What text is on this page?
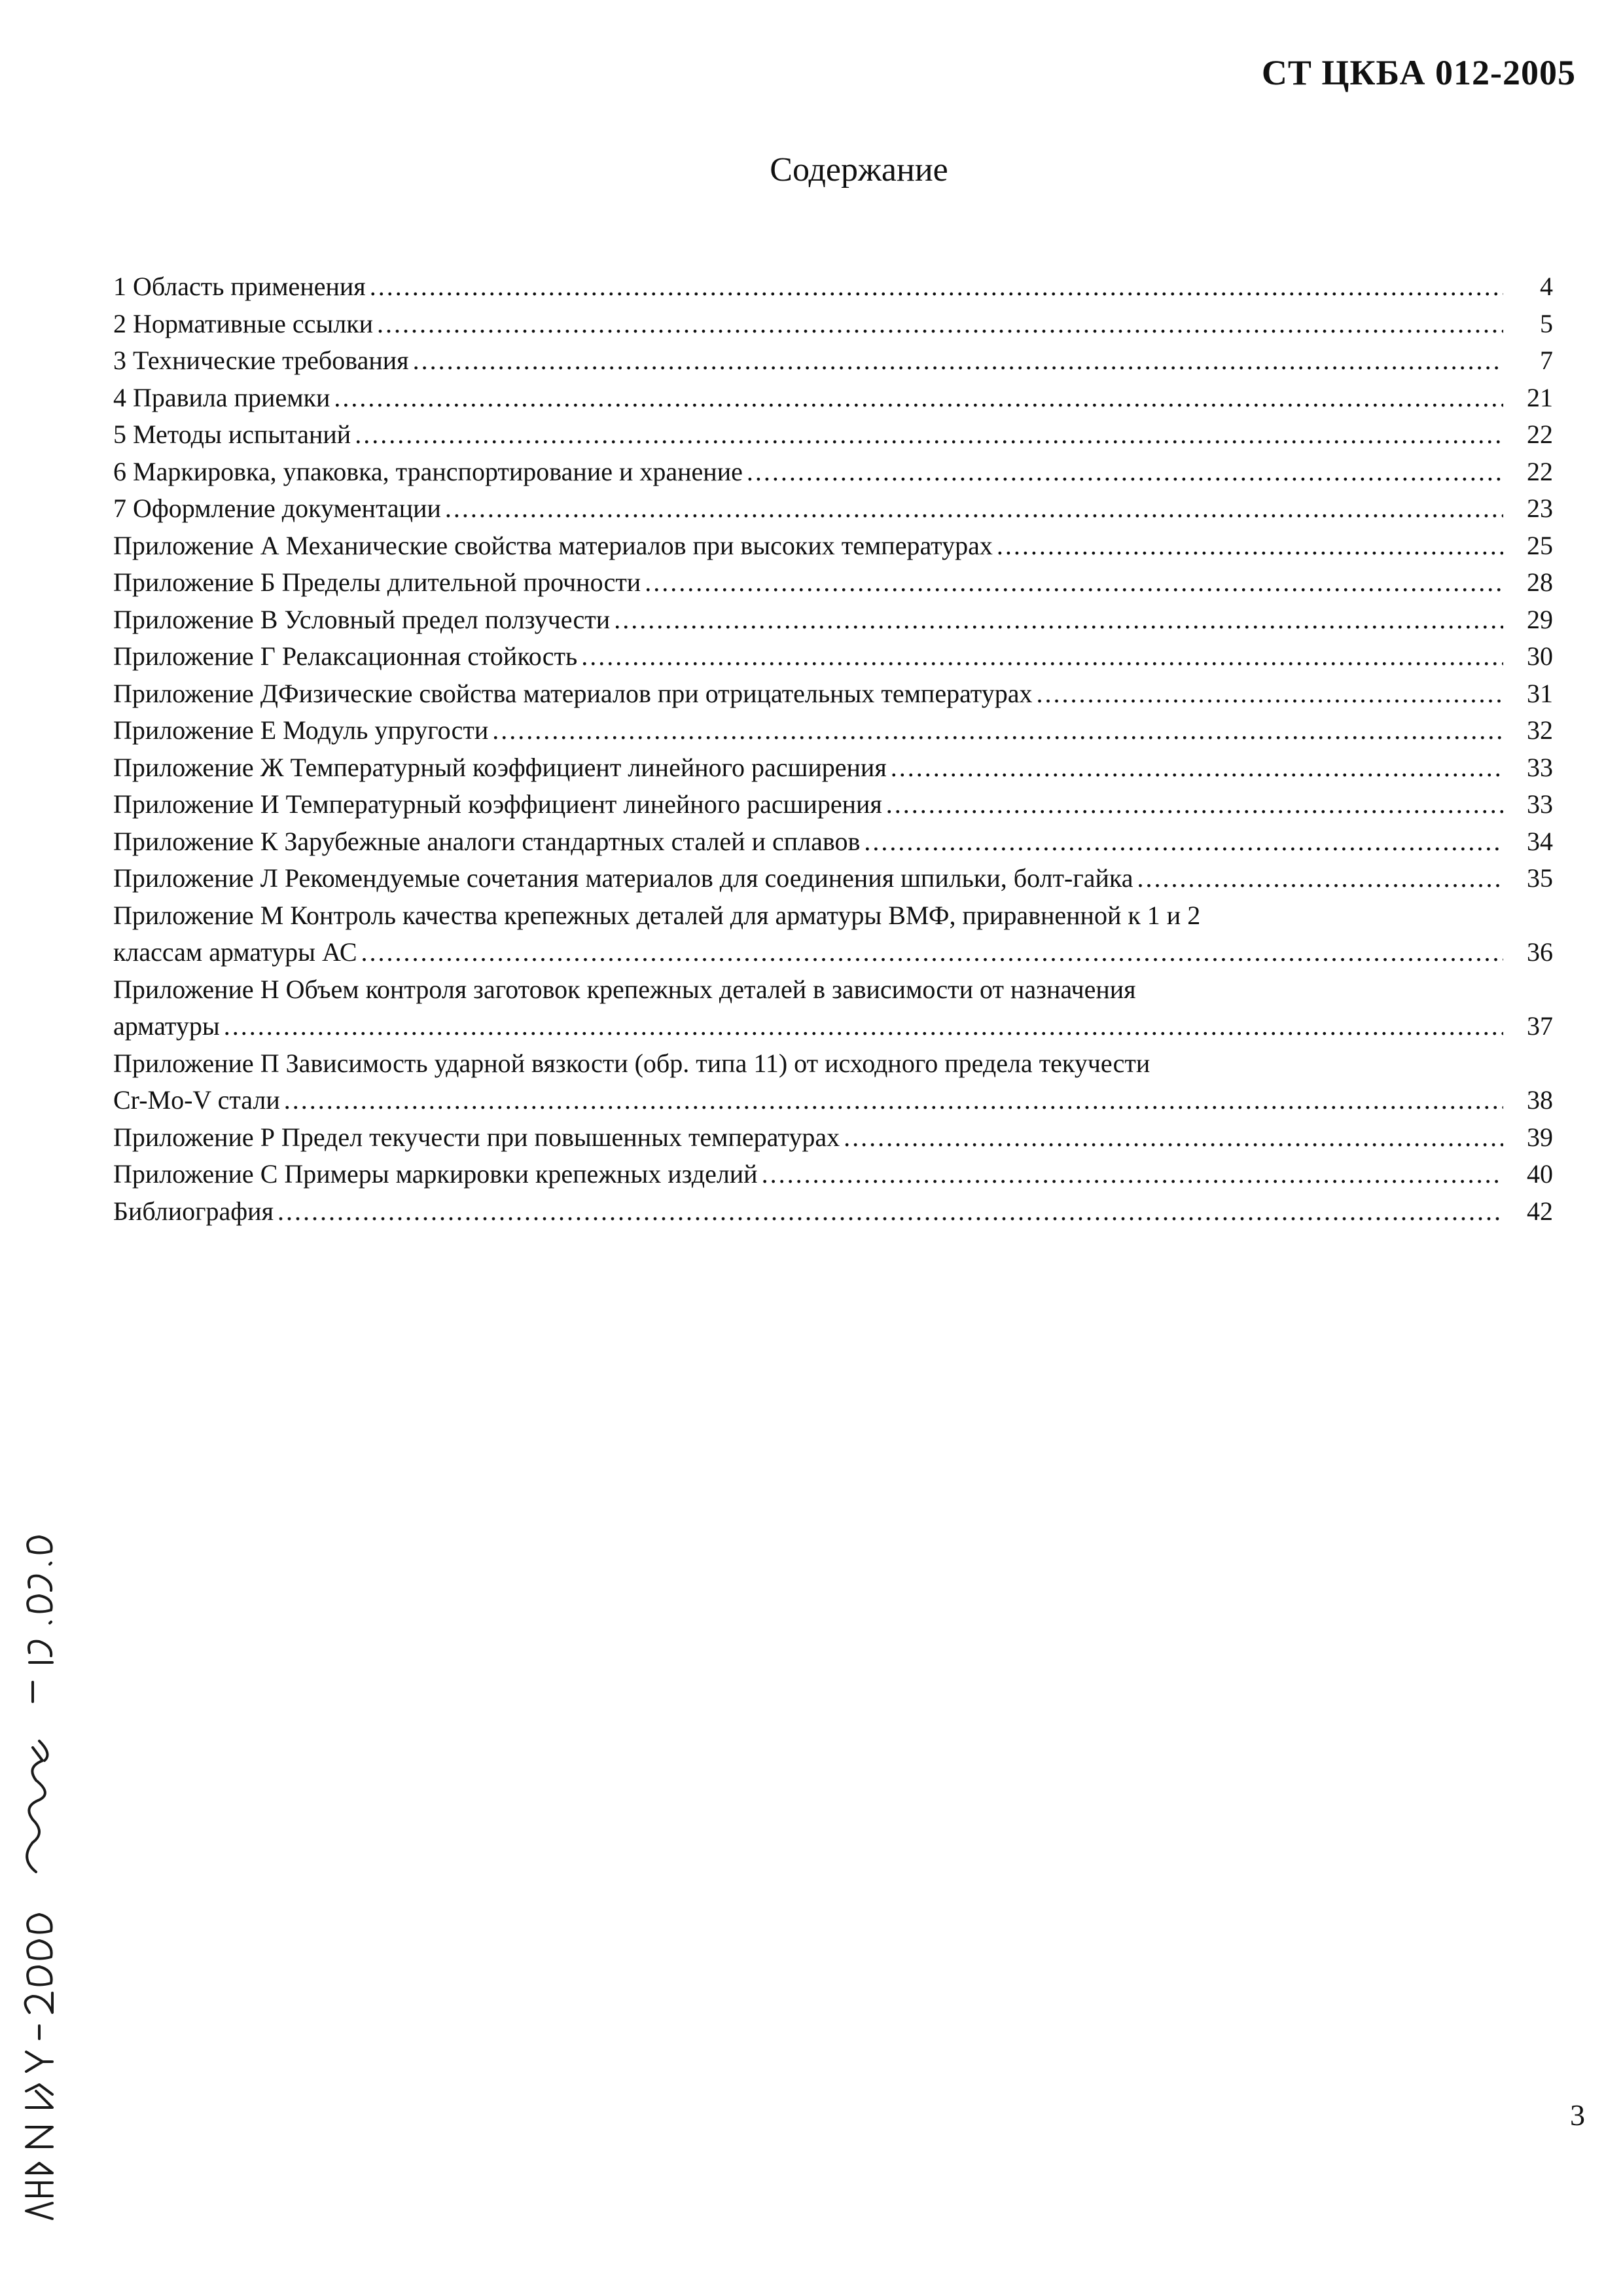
СТ ЦКБА 012-2005
Содержание
1 Область применения .....	4
2 Нормативные ссылки .....	5
3 Технические требования .....	7
4 Правила приемки .....	21
5 Методы испытаний .....	22
6 Маркировка, упаковка, транспортирование и хранение .....	22
7 Оформление документации .....	23
Приложение А Механические свойства материалов при высоких температурах .....	25
Приложение Б Пределы длительной прочности .....	28
Приложение В Условный предел ползучести .....	29
Приложение Г Релаксационная стойкость .....	30
Приложение ДФизические свойства материалов при отрицательных температурах .....	31
Приложение Е Модуль упругости .....	32
Приложение Ж Температурный коэффициент линейного расширения .....	33
Приложение И Температурный коэффициент линейного расширения .....	33
Приложение К Зарубежные аналоги стандартных сталей и сплавов .....	34
Приложение Л Рекомендуемые сочетания материалов для соединения шпильки, болт-гайка .....	35
Приложение М Контроль качества крепежных деталей для арматуры ВМФ, приравненной к 1 и 2
классам арматуры АС .....	36
Приложение Н Объем контроля заготовок крепежных деталей в зависимости от назначения
арматуры .....	37
Приложение П Зависимость ударной вязкости (обр. типа 11) от исходного предела текучести
Cr-Mo-V стали .....	38
Приложение Р Предел текучести при повышенных температурах .....	39
Приложение С Примеры маркировки крепежных изделий .....	40
Библиография .....	42
3
